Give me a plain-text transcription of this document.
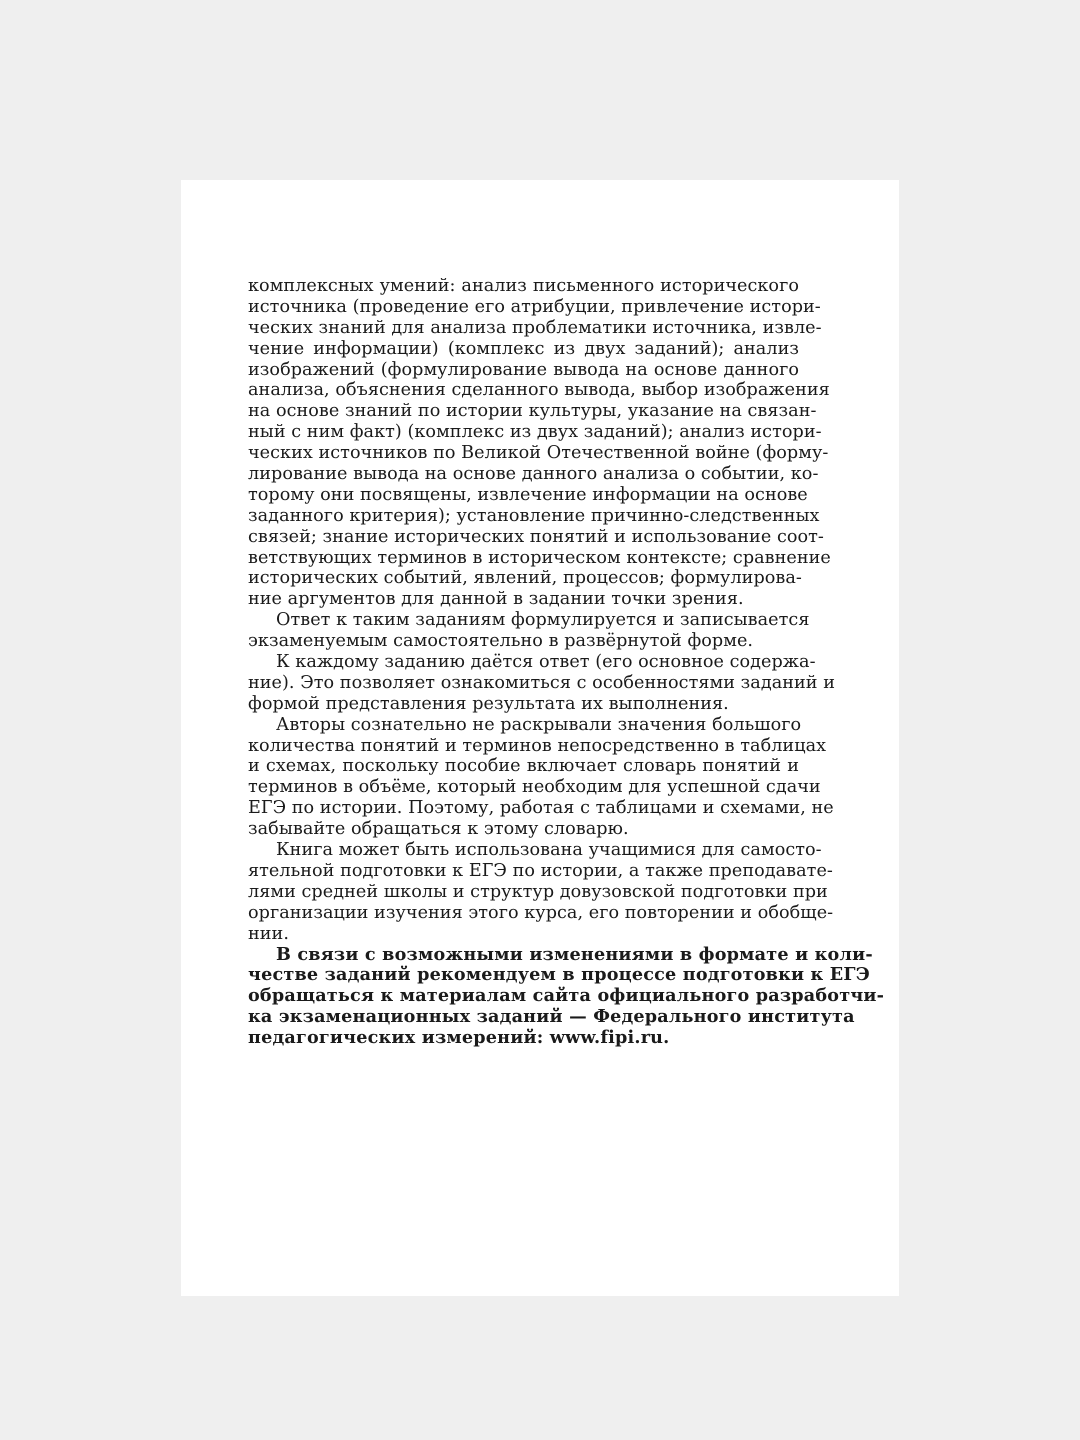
комплексных умений: анализ письменного исторического
источника (проведение его атрибуции, привлечение истори-
ческих знаний для анализа проблематики источника, извле-
чение информации) (комплекс из двух заданий); анализ
изображений (формулирование вывода на основе данного
анализа, объяснения сделанного вывода, выбор изображения
на основе знаний по истории культуры, указание на связан-
ный с ним факт) (комплекс из двух заданий); анализ истори-
ческих источников по Великой Отечественной войне (форму-
лирование вывода на основе данного анализа о событии, ко-
торому они посвящены, извлечение информации на основе
заданного критерия); установление причинно-следственных
связей; знание исторических понятий и использование соот-
ветствующих терминов в историческом контексте; сравнение
исторических событий, явлений, процессов; формулирова-
ние аргументов для данной в задании точки зрения.
Ответ к таким заданиям формулируется и записывается
экзаменуемым самостоятельно в развёрнутой форме.
К каждому заданию даётся ответ (его основное содержа-
ние). Это позволяет ознакомиться с особенностями заданий и
формой представления результата их выполнения.
Авторы сознательно не раскрывали значения большого
количества понятий и терминов непосредственно в таблицах
и схемах, поскольку пособие включает словарь понятий и
терминов в объёме, который необходим для успешной сдачи
ЕГЭ по истории. Поэтому, работая с таблицами и схемами, не
забывайте обращаться к этому словарю.
Книга может быть использована учащимися для самосто-
ятельной подготовки к ЕГЭ по истории, а также преподавате-
лями средней школы и структур довузовской подготовки при
организации изучения этого курса, его повторении и обобще-
нии.
В связи с возможными изменениями в формате и коли-
честве заданий рекомендуем в процессе подготовки к ЕГЭ
обращаться к материалам сайта официального разработчи-
ка экзаменационных заданий — Федерального института
педагогических измерений: www.fipi.ru.
